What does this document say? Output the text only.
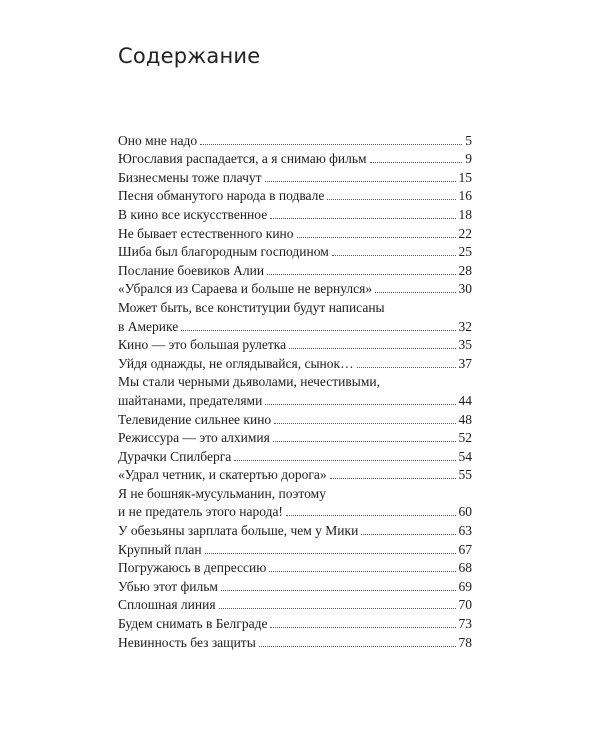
Содержание
Оно мне надо	5
Югославия распадается, а я снимаю фильм	9
Бизнесмены тоже плачут	15
Песня обманутого народа в подвале	16
В кино все искусственное	18
Не бывает естественного кино	22
Шиба был благородным господином	25
Послание боевиков Алии	28
«Убрался из Сараева и больше не вернулся»	30
Может быть, все конституции будут написаны
в Америке	32
Кино — это большая рулетка	35
Уйдя однажды, не оглядывайся, сынок…	37
Мы стали черными дьяволами, нечестивыми,
шайтанами, предателями	44
Телевидение сильнее кино	48
Режиссура — это алхимия	52
Дурачки Спилберга	54
«Удрал четник, и скатертью дорога»	55
Я не бошняк-мусульманин, поэтому
и не предатель этого народа!	60
У обезьяны зарплата больше, чем у Мики	63
Крупный план	67
Погружаюсь в депрессию	68
Убью этот фильм	69
Сплошная линия	70
Будем снимать в Белграде	73
Невинность без защиты	78
